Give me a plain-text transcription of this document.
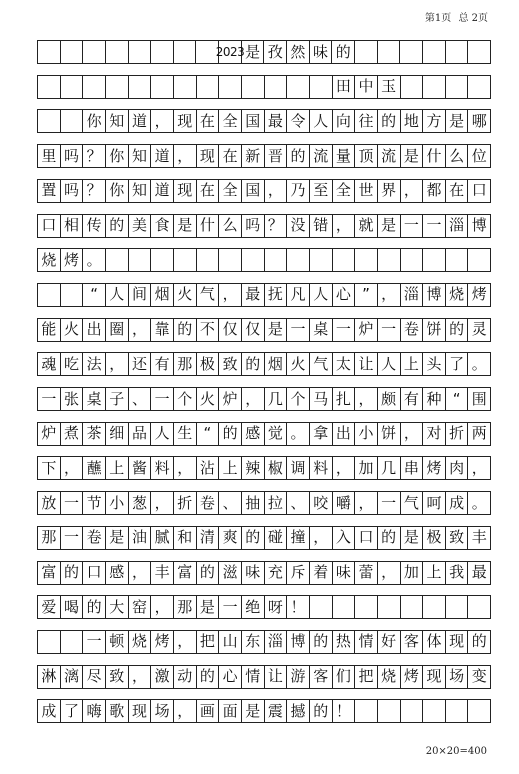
第1页 总 2页
2023 是 孜 然 味 的
田 中 玉
你 知 道 ， 现 在 全 国 最 令 人 向 往 的 地 方 是 哪
里 吗 ？ 你 知 道 ， 现 在 新 晋 的 流 量 顶 流 是 什 么 位
置 吗 ？ 你 知 道 现 在 全 国 ， 乃 至 全 世 界 ， 都 在 口
口 相 传 的 美 食 是 什 么 吗 ？ 没 错 ， 就 是 一 一 淄 博
烧 烤 。
“ 人 间 烟 火 气 ， 最 抚 凡 人 心 ” ， 淄 博 烧 烤
能 火 出 圈 ， 靠 的 不 仅 仅 是 一 桌 一 炉 一 卷 饼 的 灵
魂 吃 法 ， 还 有 那 极 致 的 烟 火 气 太 让 人 上 头 了 。
一 张 桌 子 、 一 个 火 炉 ， 几 个 马 扎 ， 颇 有 种 “ 围
炉 煮 茶 细 品 人 生 “ 的 感 觉 。 拿 出 小 饼 ， 对 折 两
下 ， 蘸 上 酱 料 ， 沾 上 辣 椒 调 料 ， 加 几 串 烤 肉 ，
放 一 节 小 葱 ， 折 卷 、 抽 拉 、 咬 嚼 ， 一 气 呵 成 。
那 一 卷 是 油 腻 和 清 爽 的 碰 撞 ， 入 口 的 是 极 致 丰
富 的 口 感 ， 丰 富 的 滋 味 充 斥 着 味 蕾 ， 加 上 我 最
爱 喝 的 大 窑 ， 那 是 一 绝 呀 ！
一 顿 烧 烤 ， 把 山 东 淄 博 的 热 情 好 客 体 现 的
淋 漓 尽 致 ， 激 动 的 心 情 让 游 客 们 把 烧 烤 现 场 变
成 了 嗨 歌 现 场 ， 画 面 是 震 撼 的 ！
20×20=400
